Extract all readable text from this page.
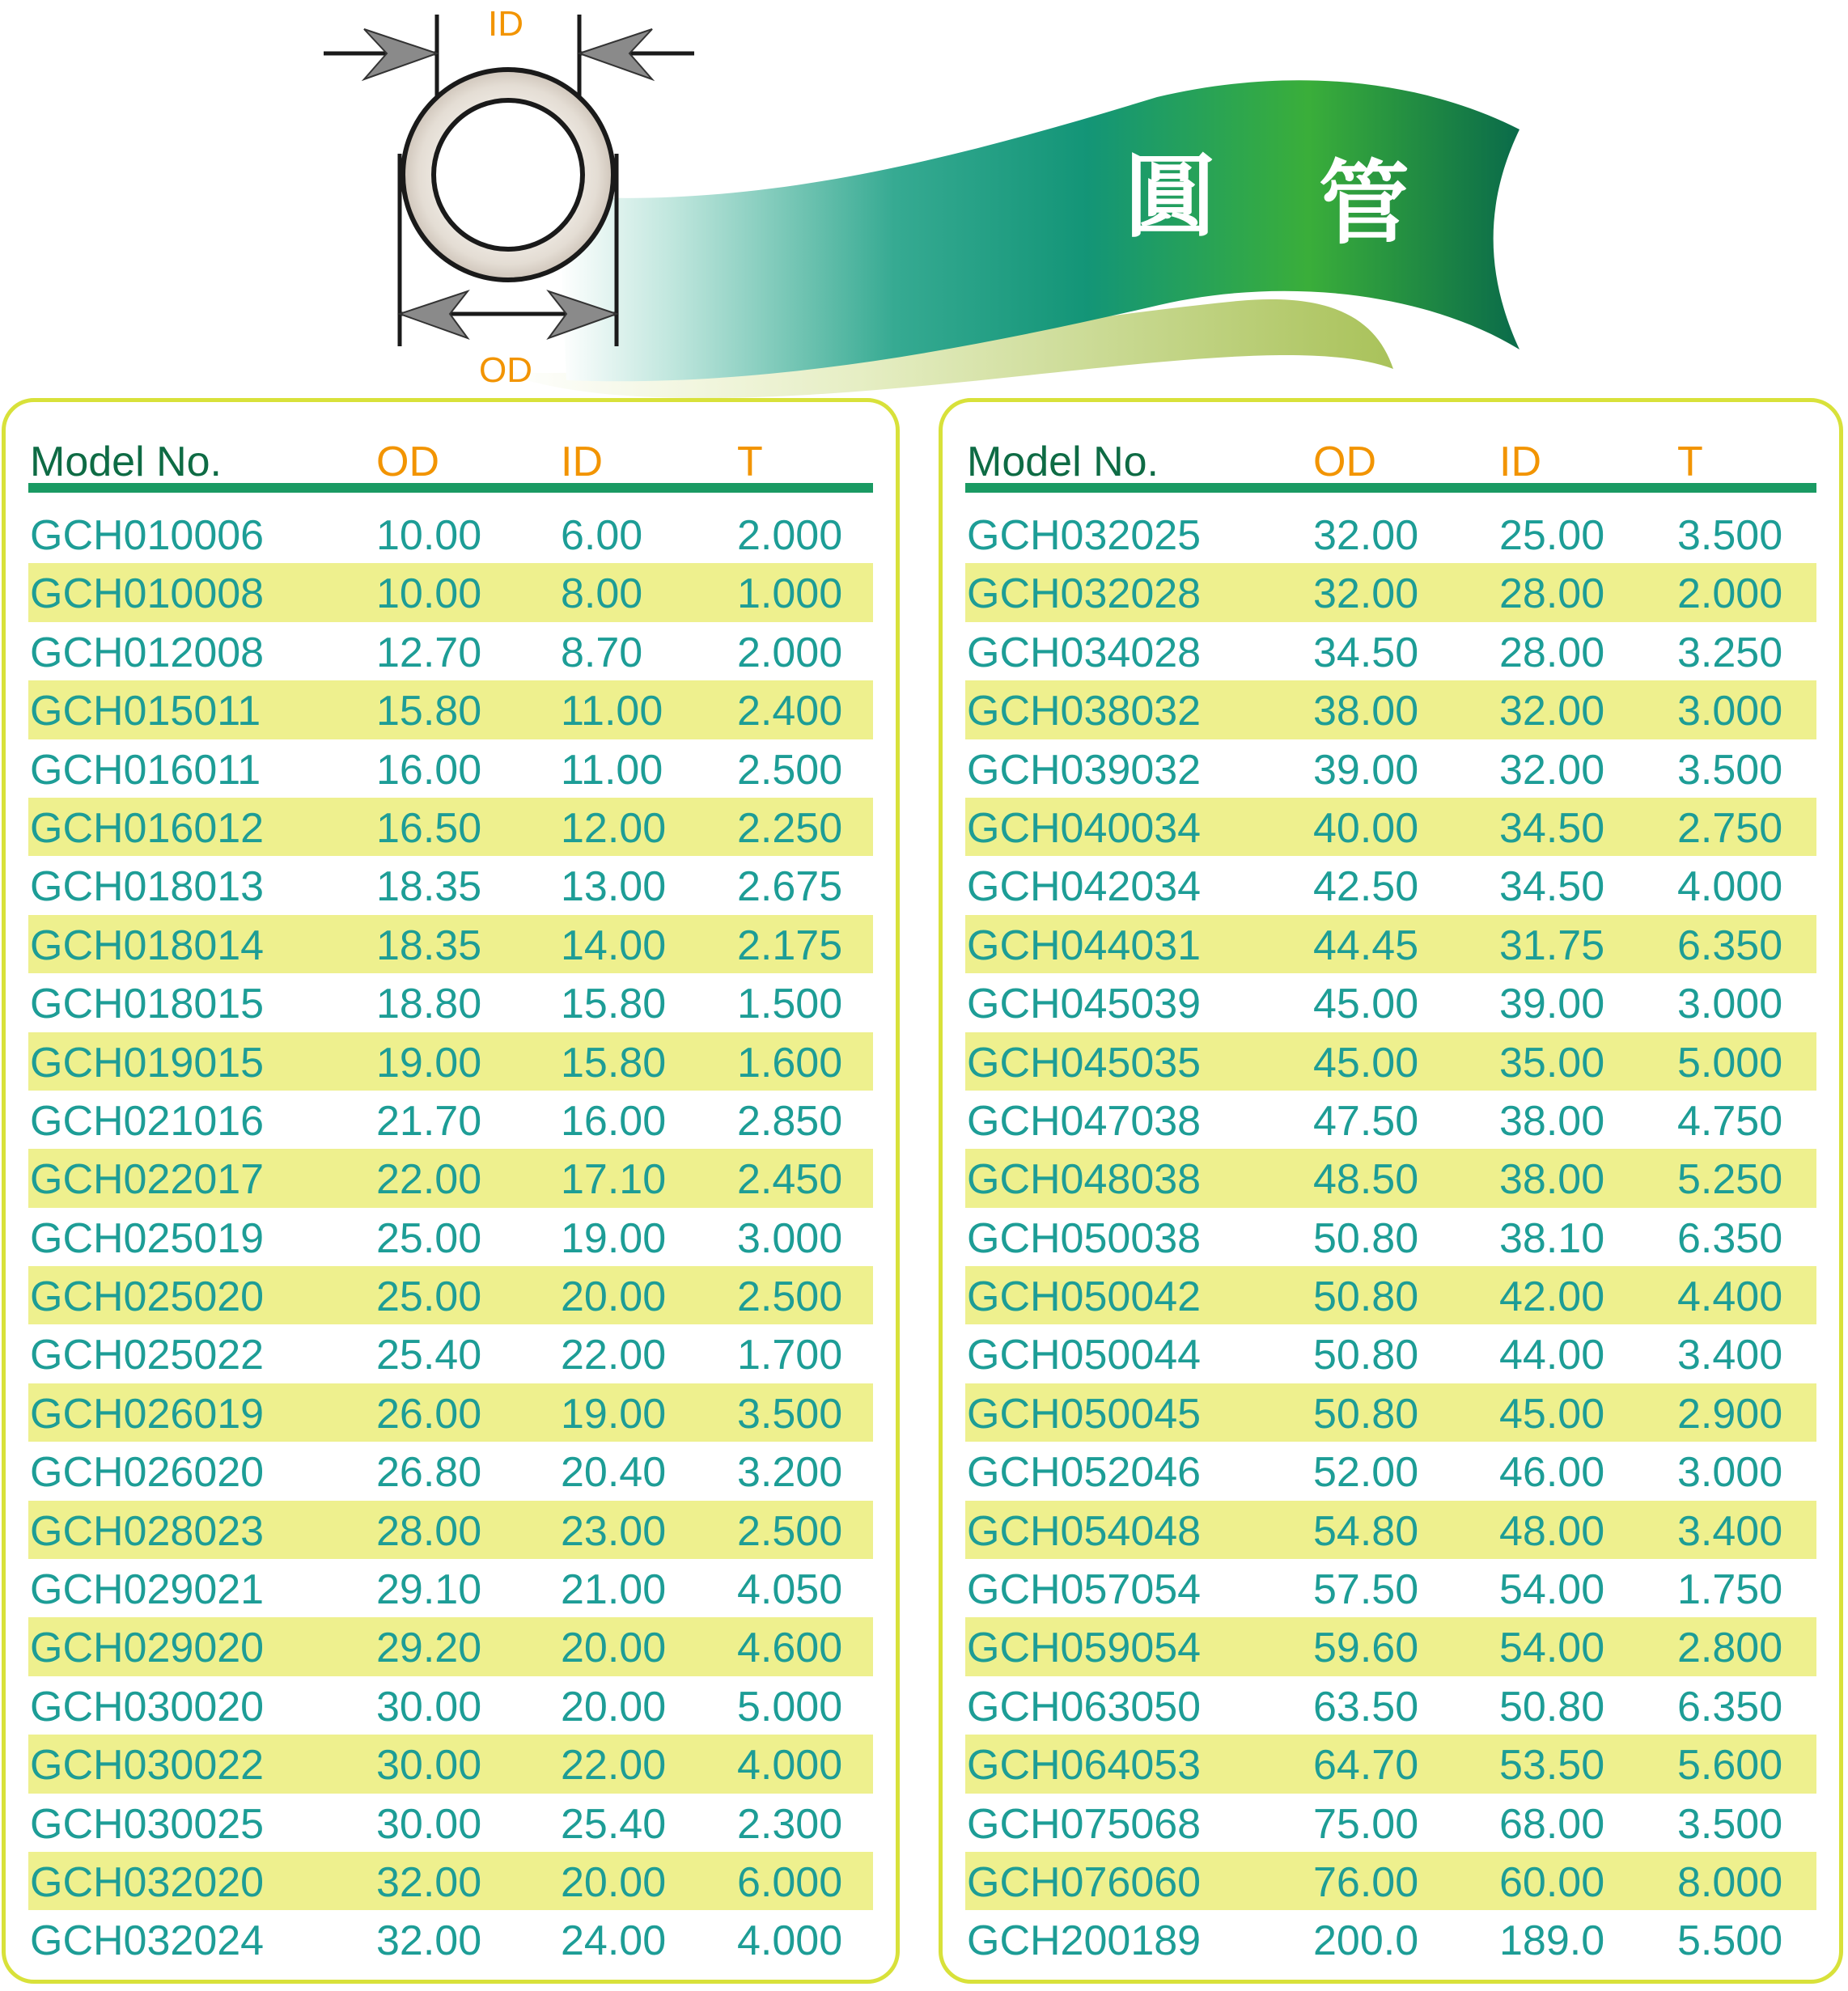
圓 管
ID
OD
Model No.	OD	ID	T
GCH010006	10.00 6.00 2.000
GCH010008	10.00 8.00 1.000
GCH012008	12.70 8.70 2.000
GCH015011	15.80 11.00 2.400
GCH016011	16.00 11.00 2.500
GCH016012	16.50 12.00 2.250
GCH018013	18.35 13.00 2.675
GCH018014	18.35 14.00 2.175
GCH018015	18.80 15.80 1.500
GCH019015	19.00 15.80 1.600
GCH021016	21.70 16.00 2.850
GCH022017	22.00 17.10 2.450
GCH025019	25.00 19.00 3.000
GCH025020	25.00 20.00 2.500
GCH025022	25.40 22.00 1.700
GCH026019	26.00 19.00 3.500
GCH026020	26.80 20.40 3.200
GCH028023	28.00 23.00 2.500
GCH029021	29.10 21.00 4.050
GCH029020	29.20 20.00 4.600
GCH030020	30.00 20.00 5.000
GCH030022	30.00 22.00 4.000
GCH030025	30.00 25.40 2.300
GCH032020	32.00 20.00 6.000
GCH032024	32.00 24.00 4.000
Model No.	OD	ID	T
GCH032025	32.00 25.00 3.500
GCH032028	32.00 28.00 2.000
GCH034028	34.50 28.00 3.250
GCH038032	38.00 32.00 3.000
GCH039032	39.00 32.00 3.500
GCH040034	40.00 34.50 2.750
GCH042034	42.50 34.50 4.000
GCH044031	44.45 31.75 6.350
GCH045039	45.00 39.00 3.000
GCH045035	45.00 35.00 5.000
GCH047038	47.50 38.00 4.750
GCH048038	48.50 38.00 5.250
GCH050038	50.80 38.10 6.350
GCH050042	50.80 42.00 4.400
GCH050044	50.80 44.00 3.400
GCH050045	50.80 45.00 2.900
GCH052046	52.00 46.00 3.000
GCH054048	54.80 48.00 3.400
GCH057054	57.50 54.00 1.750
GCH059054	59.60 54.00 2.800
GCH063050	63.50 50.80 6.350
GCH064053	64.70 53.50 5.600
GCH075068	75.00 68.00 3.500
GCH076060	76.00 60.00 8.000
GCH200189	200.0 189.0 5.500
